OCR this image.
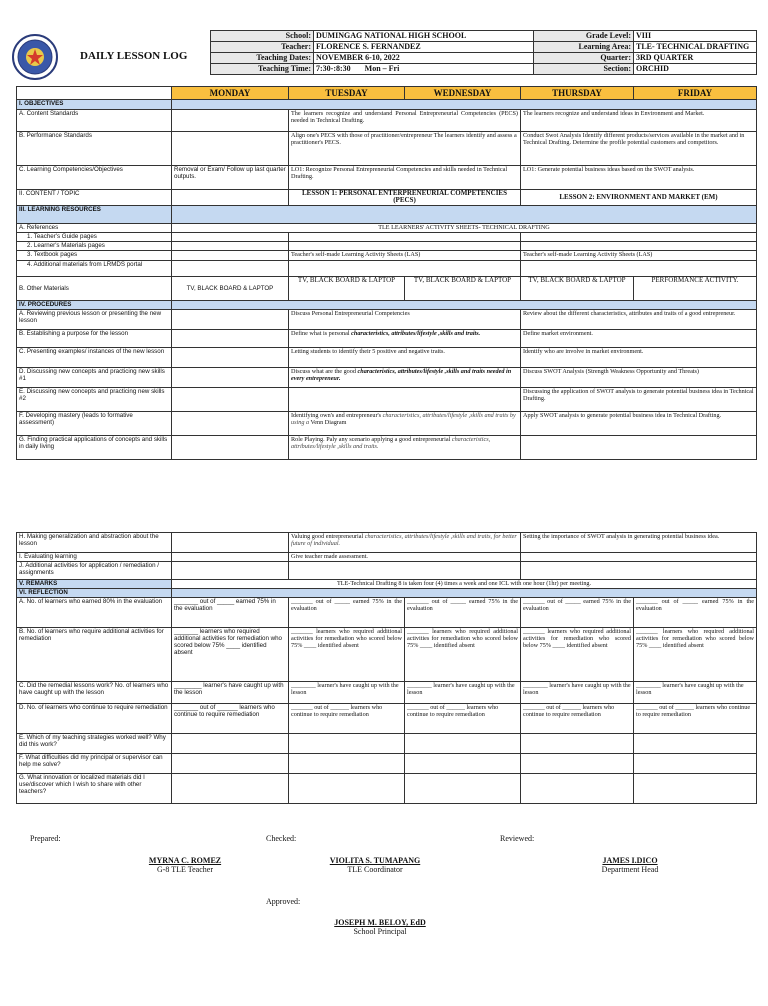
DAILY LESSON LOG
School:	DUMINGAG NATIONAL HIGH SCHOOL	Grade Level:	VIII
Teacher:	FLORENCE S. FERNANDEZ	Learning Area:	TLE- TECHNICAL DRAFTING
Teaching Dates:	NOVEMBER 6-10, 2022	Quarter:	3RD QUARTER
Teaching Time:	7:30-:8:30 Mon – Fri	Section:	ORCHID
	MONDAY	TUESDAY	WEDNESDAY	THURSDAY	FRIDAY
I. OBJECTIVES					
A. Content Standards		The learners recognize and understand Personal Entrepreneurial Competencies (PECS) needed in Technical Drafting.		The learners recognize and understand ideas in Environment and Market.	
B. Performance Standards		Align one's PECS with those of practitioner/entrepreneur The learners identify and assess a practitioner's PECS.		Conduct Swot Analysis Identify different products/services available in the market and in Technical Drafting. Determine the profile potential customers and competitors.	
C. Learning Competencies/Objectives	Removal or Exam/ Follow up last quarter outputs.	LO1: Recognize Personal Entrepreneurial Competencies and skills needed in Technical Drafting.		LO1: Generate potential business ideas based on the SWOT analysis.	
II. CONTENT / TOPIC		LESSON 1: PERSONAL ENTERPRENEURIAL COMPETENCIES (PECS)		LESSON 2: ENVIRONMENT AND MARKET (EM)	
III. LEARNING RESOURCES					
A. References	TLE LEARNERS' ACTIVITY SHEETS- TECHNICAL DRAFTING				
1. Teacher's Guide pages					
2. Learner's Materials pages					
3. Textbook pages		Teacher's self-made Learning Activity Sheets (LAS)		Teacher's self-made Learning Activity Sheets (LAS)	
4. Additional materials from LRMDS portal					
B. Other Materials	TV, BLACK BOARD & LAPTOP	TV, BLACK BOARD & LAPTOP	TV, BLACK BOARD & LAPTOP	TV, BLACK BOARD & LAPTOP	PERFORMANCE ACTIVITY.
IV. PROCEDURES					
A. Reviewing previous lesson or presenting the new lesson		Discuss Personal Entrepreneurial Competencies		Review about the different characteristics, attributes and traits of a good entrepreneur.	
B. Establishing a purpose for the lesson		Define what is personal characteristics, attributes/lifestyle ,skills and traits.		Define market environment.	
C. Presenting examples/ instances of the new lesson		Letting students to identify their 5 positive and negative traits.		Identify who are involve in market environment.	
D. Discussing new concepts and practicing new skills #1		Discuss what are the good characteristics, attributes/lifestyle ,skills and traits needed in every entrepreneur.		Discuss SWOT Analysis (Strength Weakness Opportunity and Threats)	
E. Discussing new concepts and practicing new skills #2				Discussing the application of SWOT analysis to generate potential business idea in Technical Drafting.	
F. Developing mastery (leads to formative assessment)		Identifying own's and entrepreneur's characteristics, attributes/lifestyle ,skills and traits by using a Venn Diagram		Apply SWOT analysis to generate potential business idea in Technical Drafting.	
G. Finding practical applications of concepts and skills in daily living		Role Playing. Paly any scenario applying a good entrepreneurial characteristics, attributes/lifestyle ,skills and traits.			
H. Making generalization and abstraction about the lesson		Valuing good entrepreneurial characteristics, attributes/lifestyle ,skills and traits, for better future of individual.		Setting the importance of SWOT analysis in generating potential business idea.	
I. Evaluating learning		Give teacher made assessment.			
J. Additional activities for application / remediation / assignments					
V. REMARKS	TLE-Technical Drafting 8 is taken four (4) times a week and one ICL with one hour (1hr) per meeting.				
VI. REFLECTION					
A. No. of learners who earned 80% in the evaluation	_______ out of _____ earned 75% in the evaluation	_______ out of _____ earned 75% in the evaluation	_______ out of _____ earned 75% in the evaluation	_______ out of _____ earned 75% in the evaluation	_______ out of _____ earned 75% in the evaluation
B. No. of learners who require additional activities for remediation	_______ learners who required additional activities for remediation who scored below 75% ____ identified absent	_______ learners who required additional activities for remediation who scored below 75% ____ identified absent	_______ learners who required additional activities for remediation who scored below 75% ____ identified absent	_______ learners who required additional activities for remediation who scored below 75% ____ identified absent	_______ learners who required additional activities for remediation who scored below 75% ____ identified absent
C. Did the remedial lessons work? No. of learners who have caught up with the lesson	________ learner's have caught up with the lesson	________ learner's have caught up with the lesson	________ learner's have caught up with the lesson	________ learner's have caught up with the lesson	________ learner's have caught up with the lesson
D. No. of learners who continue to require remediation	_______ out of ______ learners who continue to require remediation	_______ out of ______ learners who continue to require remediation	_______ out of ______ learners who continue to require remediation	_______ out of ______ learners who continue to require remediation	_______ out of ______ learners who continue to require remediation
E. Which of my teaching strategies worked well? Why did this work?					
F. What difficulties did my principal or supervisor can help me solve?					
G. What innovation or localized materials did I use/discover which I wish to share with other teachers?					
Prepared:	Checked:	Reviewed:
MYRNA C. ROMEZ
G-8 TLE Teacher
VIOLITA S. TUMAPANG
TLE Coordinator
JAMES I.DICO
Department Head
Approved:
JOSEPH M. BELOY, EdD
School Principal
